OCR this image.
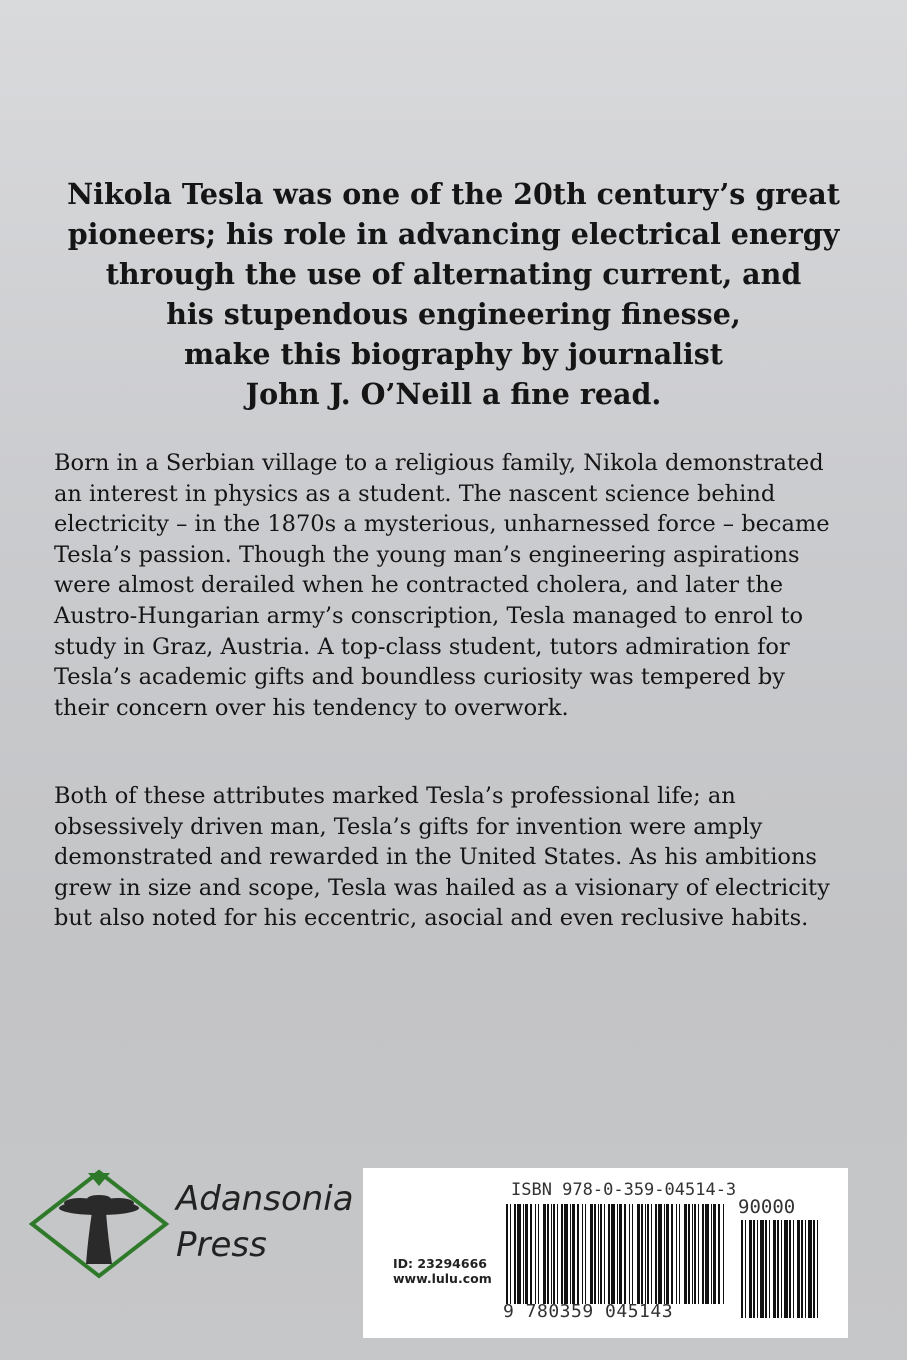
Nikola Tesla was one of the 20th century’s great
pioneers; his role in advancing electrical energy
through the use of alternating current, and
his stupendous engineering finesse,
make this biography by journalist
John J. O’Neill a fine read.

Born in a Serbian village to a religious family, Nikola demonstrated
an interest in physics as a student. The nascent science behind
electricity – in the 1870s a mysterious, unharnessed force – became
Tesla’s passion. Though the young man’s engineering aspirations
were almost derailed when he contracted cholera, and later the
Austro-Hungarian army’s conscription, Tesla managed to enrol to
study in Graz, Austria. A top-class student, tutors admiration for
Tesla’s academic gifts and boundless curiosity was tempered by
their concern over his tendency to overwork.

Both of these attributes marked Tesla’s professional life; an
obsessively driven man, Tesla’s gifts for invention were amply
demonstrated and rewarded in the United States. As his ambitions
grew in size and scope, Tesla was hailed as a visionary of electricity
but also noted for his eccentric, asocial and even reclusive habits.

Adansonia
Press

ISBN 978-0-359-04514-3
90000
ID: 23294666
www.lulu.com
9 780359 045143
